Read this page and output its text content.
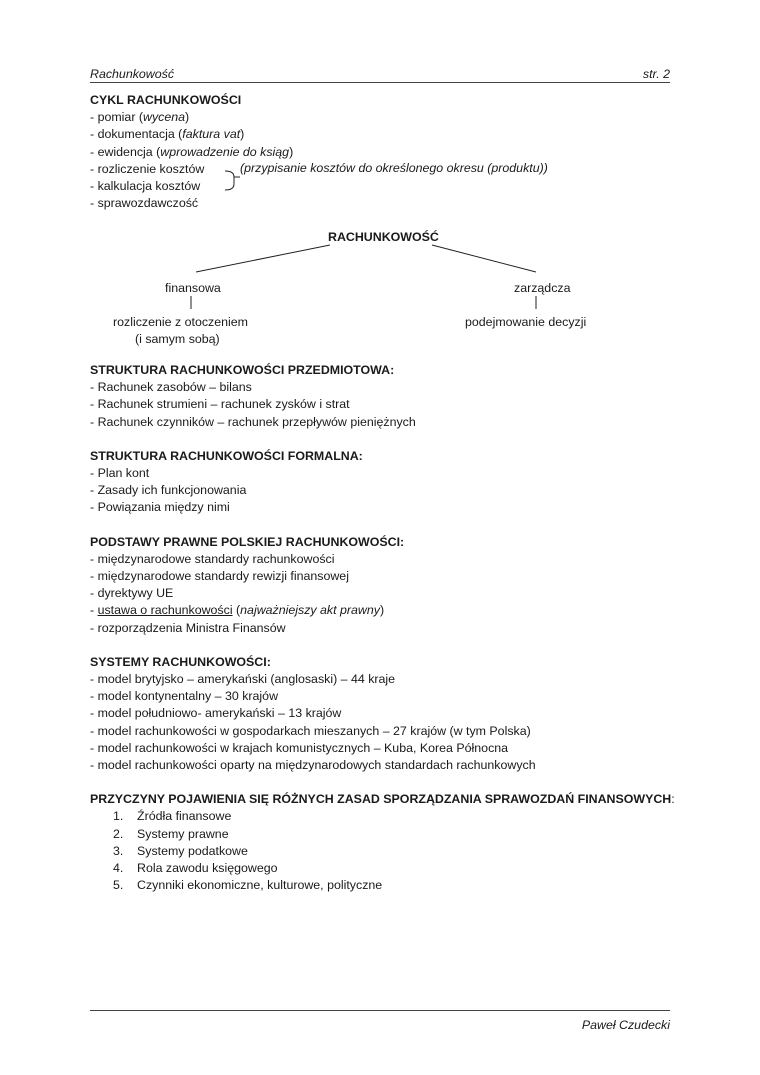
Rachunkowość	str. 2
CYKL RACHUNKOWOŚCI
- pomiar (wycena)
- dokumentacja (faktura vat)
- ewidencja (wprowadzenie do ksiąg)
- rozliczenie kosztów
- kalkulacja kosztów
- sprawozdawczość
(przypisanie kosztów do określonego okresu (produktu))
RACHUNKOWOŚĆ
finansowa
rozliczenie z otoczeniem
(i samym sobą)
zarządcza
podejmowanie decyzji
STRUKTURA RACHUNKOWOŚCI PRZEDMIOTOWA:
- Rachunek zasobów – bilans
- Rachunek strumieni – rachunek zysków i strat
- Rachunek czynników – rachunek przepływów pieniężnych
STRUKTURA RACHUNKOWOŚCI FORMALNA:
- Plan kont
- Zasady ich funkcjonowania
- Powiązania między nimi
PODSTAWY PRAWNE POLSKIEJ RACHUNKOWOŚCI:
- międzynarodowe standardy rachunkowości
- międzynarodowe standardy rewizji finansowej
- dyrektywy UE
- ustawa o rachunkowości (najważniejszy akt prawny)
- rozporządzenia Ministra Finansów
SYSTEMY RACHUNKOWOŚCI:
- model brytyjsko – amerykański (anglosaski) – 44 kraje
- model kontynentalny – 30 krajów
- model południowo- amerykański – 13 krajów
- model rachunkowości w gospodarkach mieszanych – 27 krajów (w tym Polska)
- model rachunkowości w krajach komunistycznych – Kuba, Korea Północna
- model rachunkowości oparty na międzynarodowych standardach rachunkowych
PRZYCZYNY POJAWIENIA SIĘ RÓŻNYCH ZASAD SPORZĄDZANIA SPRAWOZDAŃ FINANSOWYCH:
1. Źródła finansowe
2. Systemy prawne
3. Systemy podatkowe
4. Rola zawodu księgowego
5. Czynniki ekonomiczne, kulturowe, polityczne
Paweł Czudecki
